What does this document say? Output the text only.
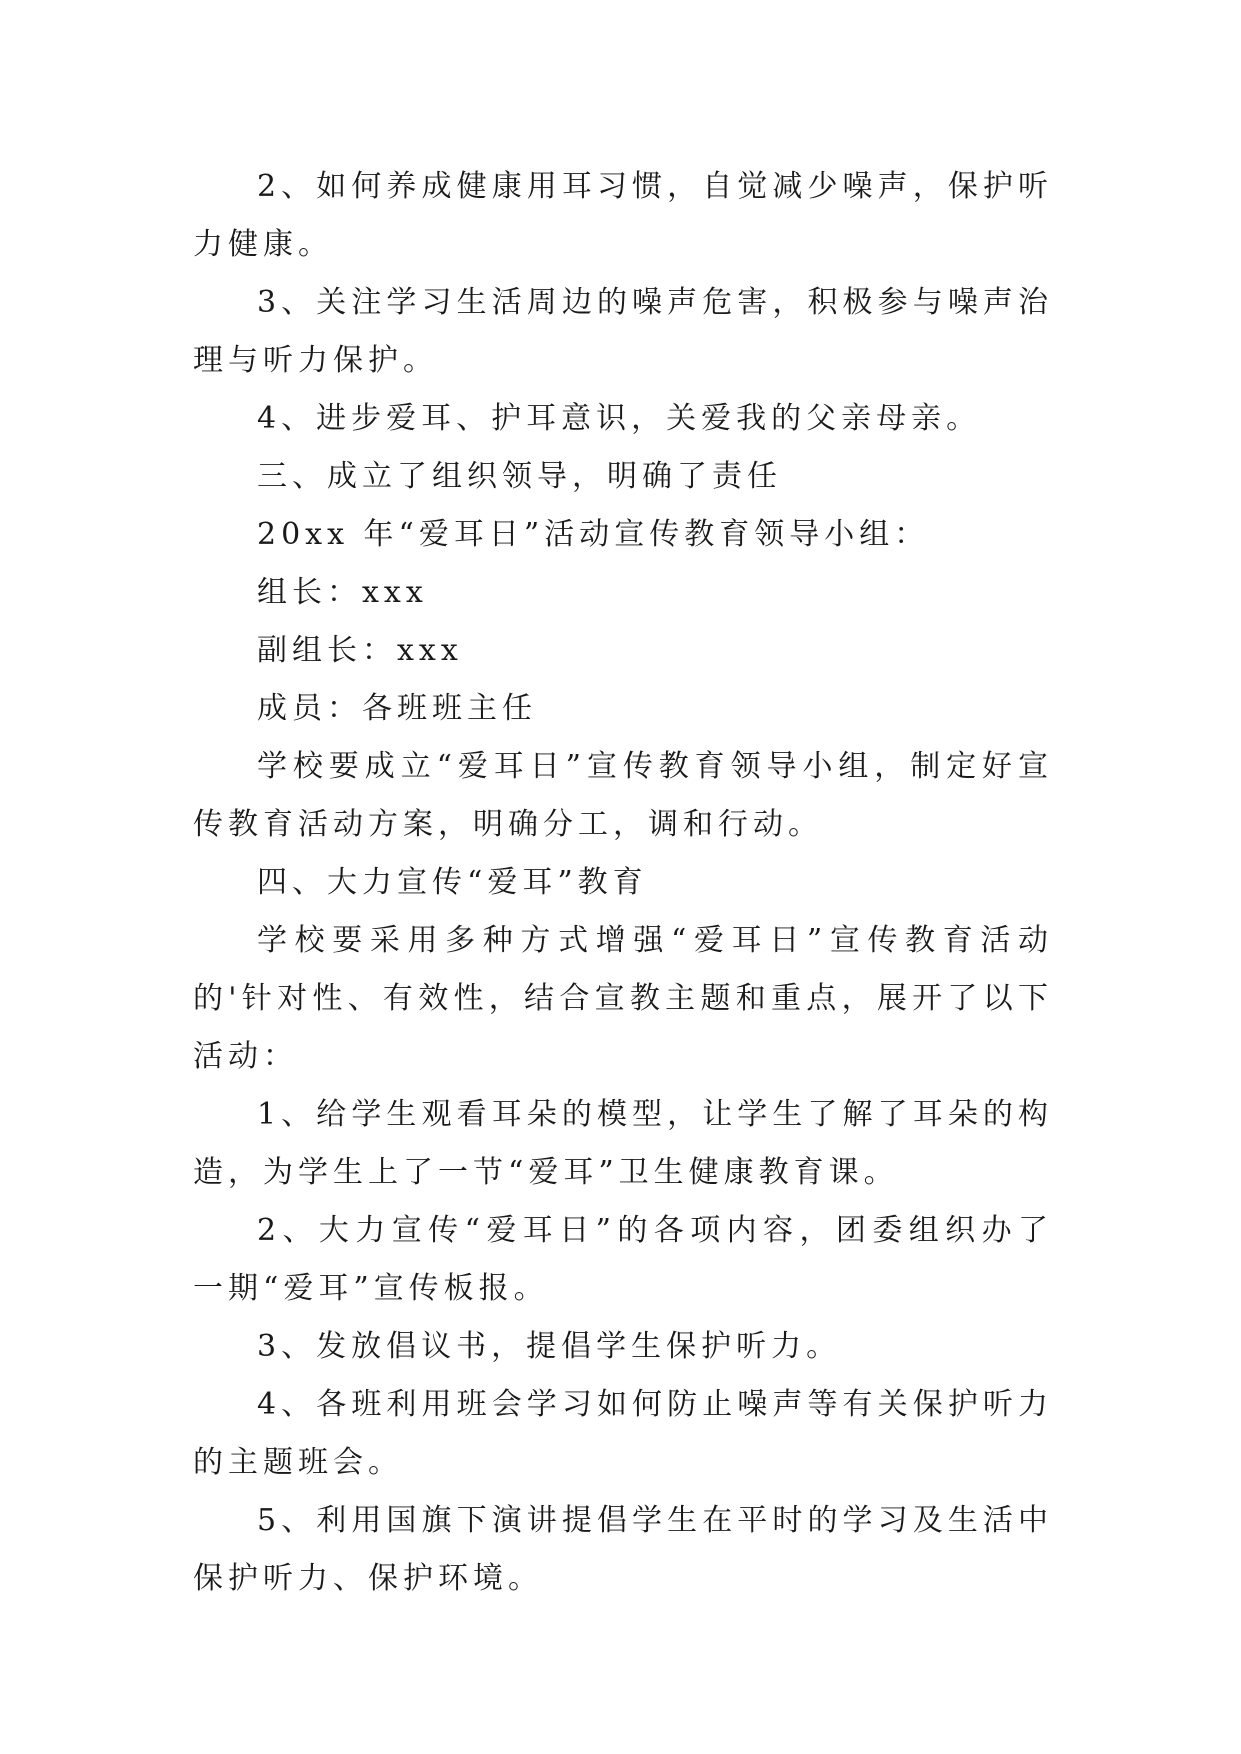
2、如何养成健康用耳习惯，自觉减少噪声，保护听力健康。

3、关注学习生活周边的噪声危害，积极参与噪声治理与听力保护。

4、进步爱耳、护耳意识，关爱我的父亲母亲。

三、成立了组织领导，明确了责任

20xx 年“爱耳日”活动宣传教育领导小组：

组长：xxx

副组长：xxx

成员：各班班主任

学校要成立“爱耳日”宣传教育领导小组，制定好宣传教育活动方案，明确分工，调和行动。

四、大力宣传“爱耳”教育

学校要采用多种方式增强“爱耳日”宣传教育活动的'针对性、有效性，结合宣教主题和重点，展开了以下活动：

1、给学生观看耳朵的模型，让学生了解了耳朵的构造，为学生上了一节“爱耳”卫生健康教育课。

2、大力宣传“爱耳日”的各项内容，团委组织办了一期“爱耳”宣传板报。

3、发放倡议书，提倡学生保护听力。

4、各班利用班会学习如何防止噪声等有关保护听力的主题班会。

5、利用国旗下演讲提倡学生在平时的学习及生活中保护听力、保护环境。
